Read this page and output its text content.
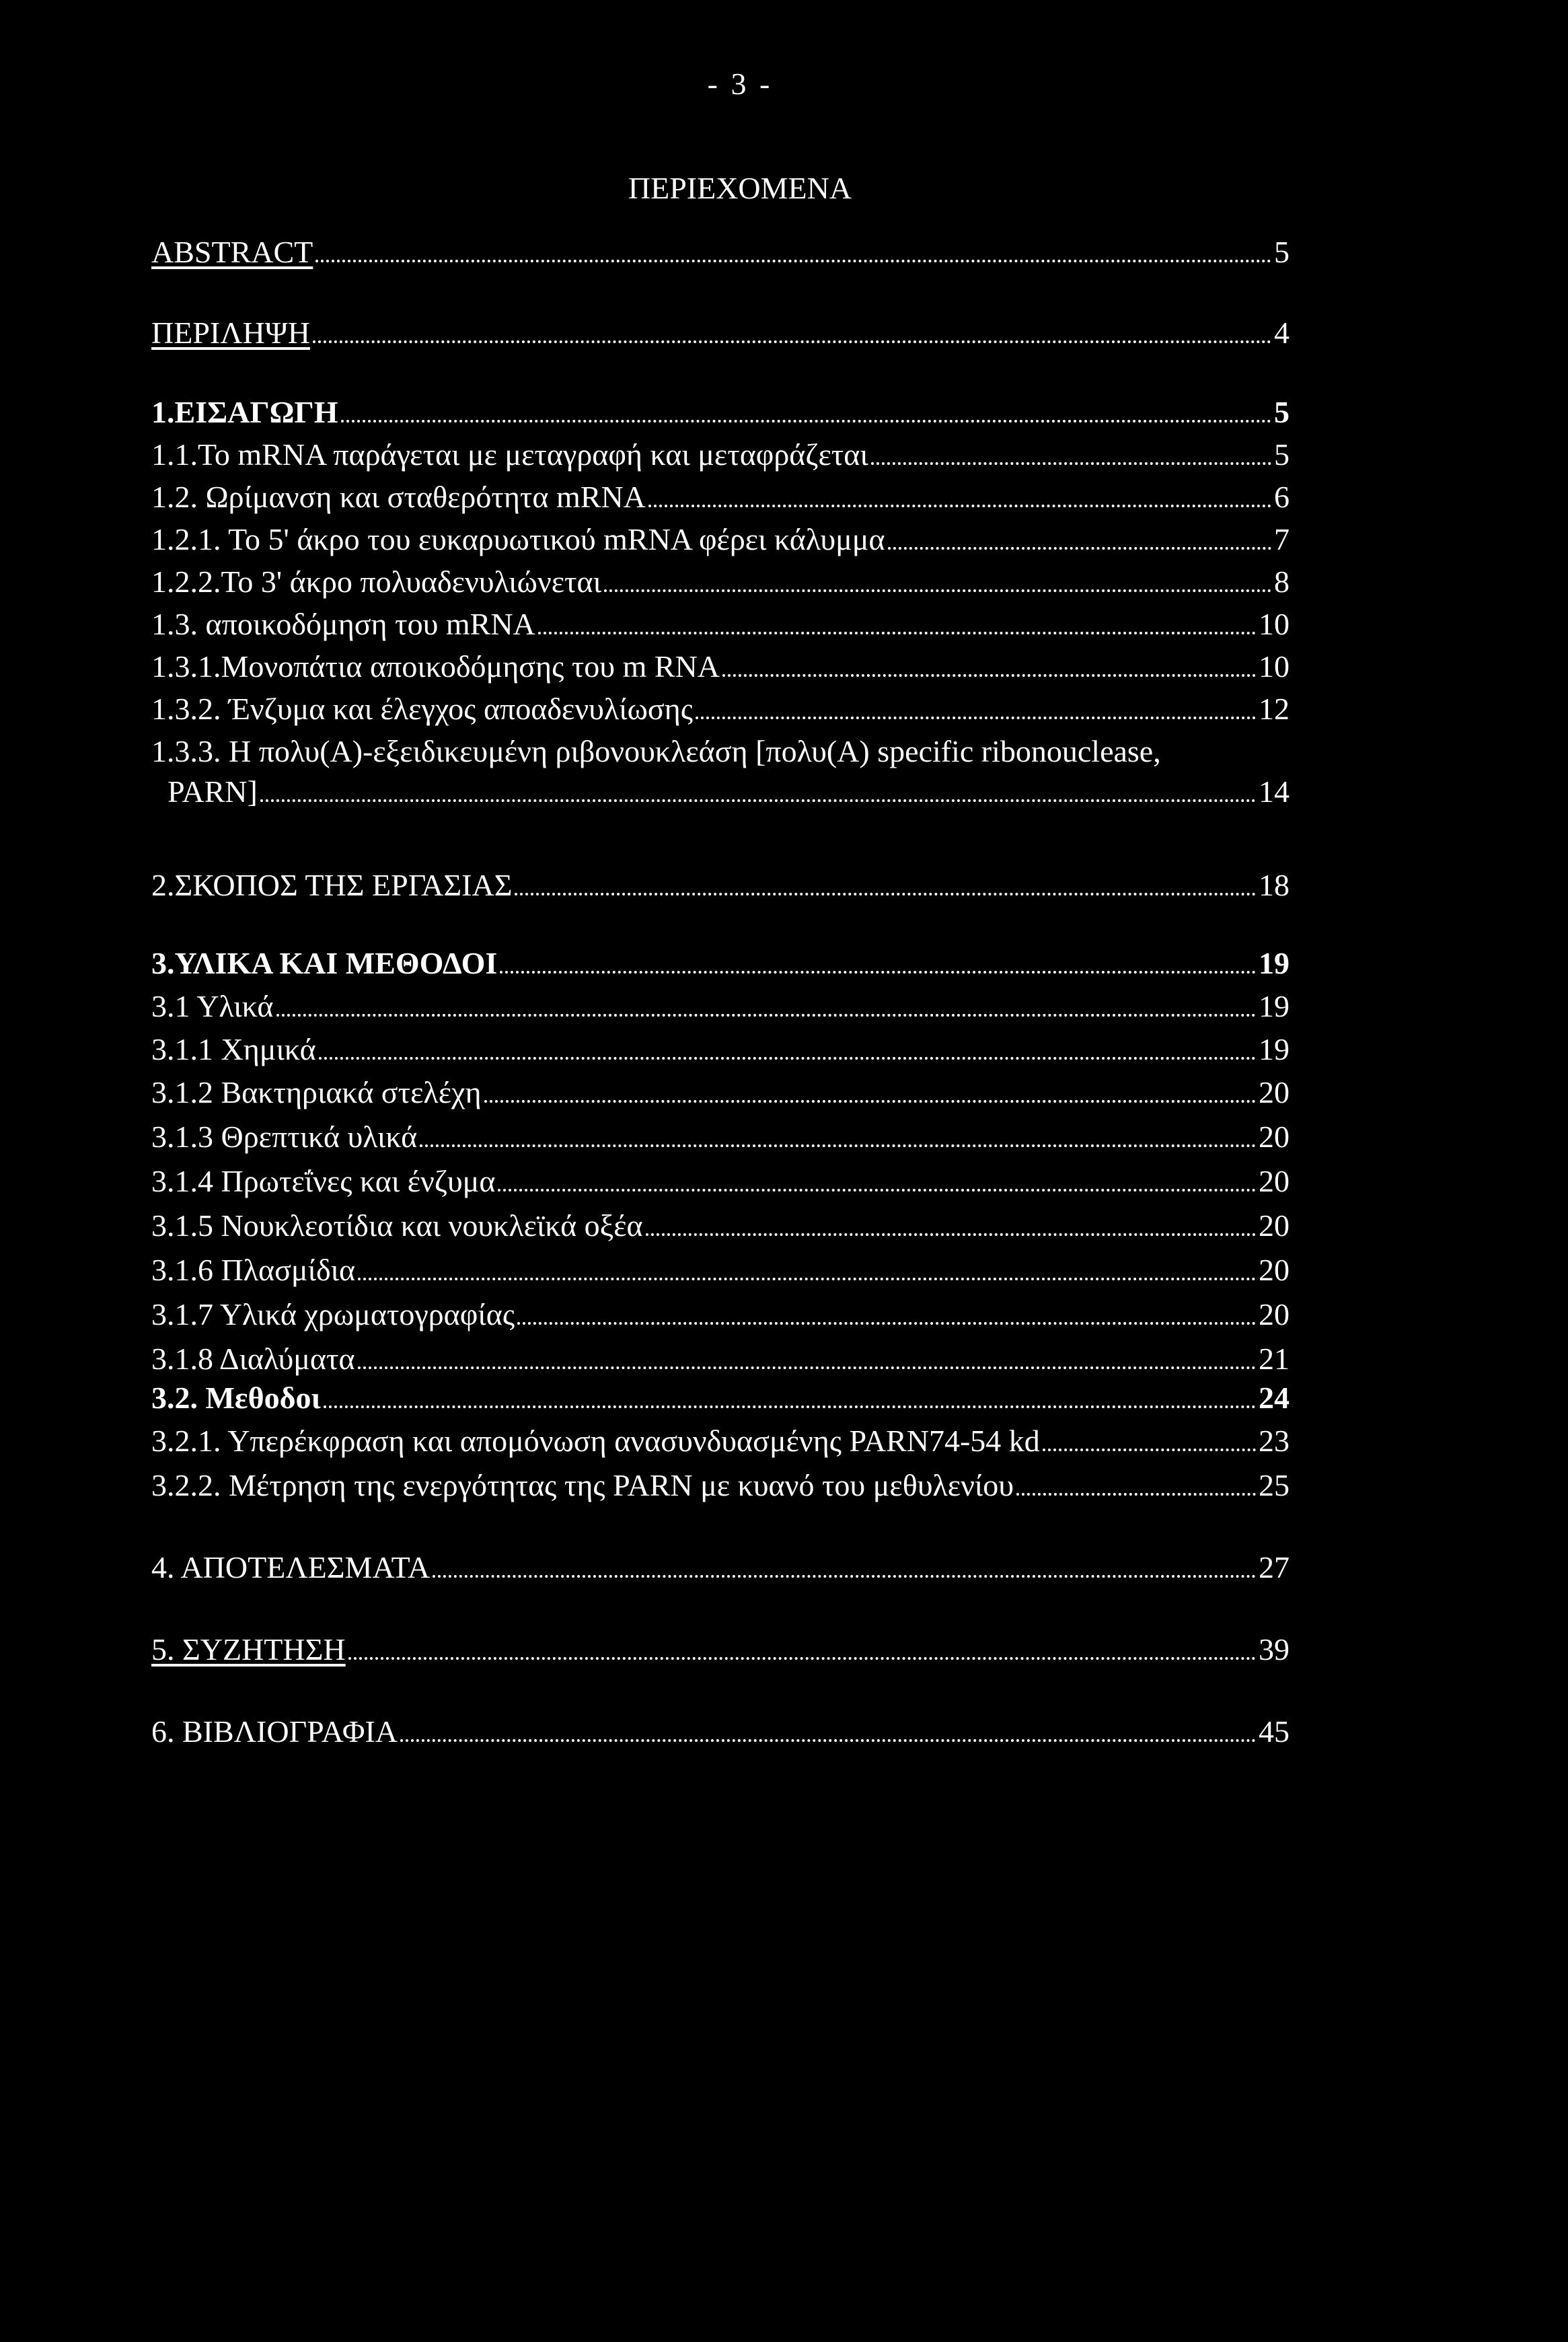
- 3 -
ΠΕΡΙΕΧΟΜΕΝΑ
ABSTRACT	5
ΠΕΡΙΛΗΨΗ	4
1.ΕΙΣΑΓΩΓΗ	5
1.1.To mRNA παράγεται με μεταγραφή και μεταφράζεται	5
1.2. Ωρίμανση και σταθερότητα mRNA	6
1.2.1. To 5' άκρο του ευκαρυωτικού mRNA φέρει κάλυμμα	7
1.2.2.To 3' άκρο πολυαδενυλιώνεται	8
1.3. αποικοδόμηση του mRNA	10
1.3.1.Μονοπάτια αποικοδόμησης του m RNA	10
1.3.2. Ένζυμα και έλεγχος αποαδενυλίωσης	12
1.3.3. Η πολυ(Α)-εξειδικευμένη ριβονουκλεάση [πολυ(Α) specific ribonouclease,
PARN]	14
2.ΣΚΟΠΟΣ ΤΗΣ ΕΡΓΑΣΙΑΣ	18
3.ΥΛΙΚΑ ΚΑΙ ΜΕΘΟΔΟΙ	19
3.1 Υλικά	19
3.1.1 Χημικά	19
3.1.2 Βακτηριακά στελέχη	20
3.1.3 Θρεπτικά υλικά	20
3.1.4 Πρωτεΐνες και ένζυμα	20
3.1.5 Νουκλεοτίδια και νουκλεϊκά οξέα	20
3.1.6 Πλασμίδια	20
3.1.7 Υλικά χρωματογραφίας	20
3.1.8 Διαλύματα	21
3.2. Μεθοδοι	24
3.2.1. Υπερέκφραση και απομόνωση ανασυνδυασμένης PARN74-54 kd	23
3.2.2. Μέτρηση της ενεργότητας της PARN με κυανό του μεθυλενίου	25
4. ΑΠΟΤΕΛΕΣΜΑΤΑ	27
5. ΣΥΖΗΤΗΣΗ	39
6. ΒΙΒΛΙΟΓΡΑΦΙΑ	45
